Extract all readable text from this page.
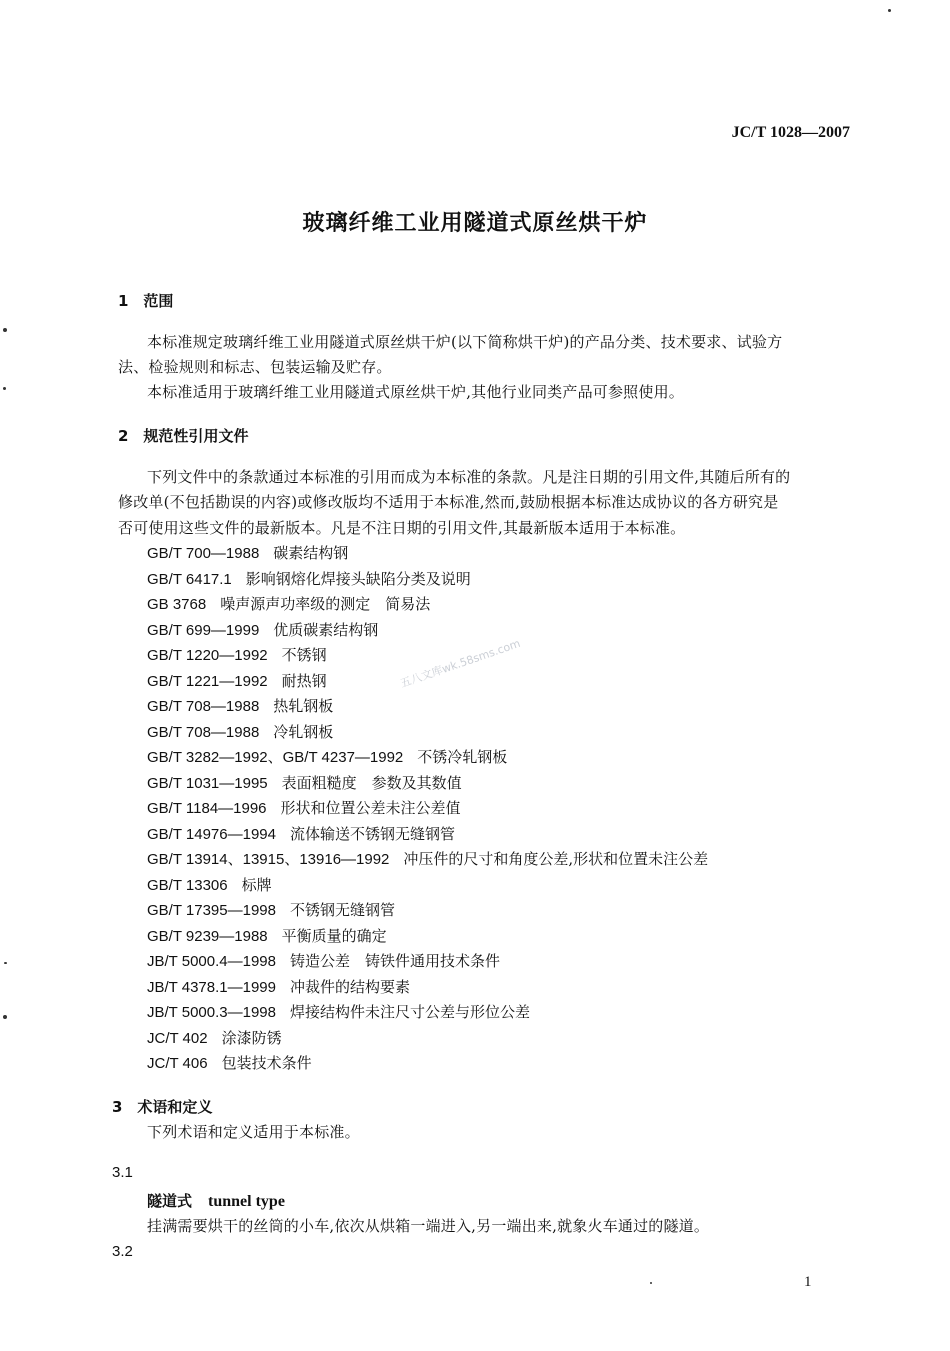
JC/T 1028—2007
玻璃纤维工业用隧道式原丝烘干炉
1　范围
本标准规定玻璃纤维工业用隧道式原丝烘干炉(以下简称烘干炉)的产品分类、技术要求、试验方
法、检验规则和标志、包装运输及贮存。
本标准适用于玻璃纤维工业用隧道式原丝烘干炉,其他行业同类产品可参照使用。
2　规范性引用文件
下列文件中的条款通过本标准的引用而成为本标准的条款。凡是注日期的引用文件,其随后所有的
修改单(不包括勘误的内容)或修改版均不适用于本标准,然而,鼓励根据本标准达成协议的各方研究是
否可使用这些文件的最新版本。凡是不注日期的引用文件,其最新版本适用于本标准。
GB/T 700—1988 碳素结构钢
GB/T 6417.1 影响钢熔化焊接头缺陷分类及说明
GB 3768 噪声源声功率级的测定　简易法
GB/T 699—1999 优质碳素结构钢
GB/T 1220—1992 不锈钢
GB/T 1221—1992 耐热钢
GB/T 708—1988 热轧钢板
GB/T 708—1988 冷轧钢板
GB/T 3282—1992、GB/T 4237—1992 不锈冷轧钢板
GB/T 1031—1995 表面粗糙度　参数及其数值
GB/T 1184—1996 形状和位置公差未注公差值
GB/T 14976—1994 流体输送不锈钢无缝钢管
GB/T 13914、13915、13916—1992 冲压件的尺寸和角度公差,形状和位置未注公差
GB/T 13306 标牌
GB/T 17395—1998 不锈钢无缝钢管
GB/T 9239—1988 平衡质量的确定
JB/T 5000.4—1998 铸造公差　铸铁件通用技术条件
JB/T 4378.1—1999 冲裁件的结构要素
JB/T 5000.3—1998 焊接结构件未注尺寸公差与形位公差
JC/T 402 涂漆防锈
JC/T 406 包装技术条件
3　术语和定义
下列术语和定义适用于本标准。
3.1
隧道式 tunnel type
挂满需要烘干的丝筒的小车,依次从烘箱一端进入,另一端出来,就象火车通过的隧道。
3.2
五八文库wk.58sms.com
1
